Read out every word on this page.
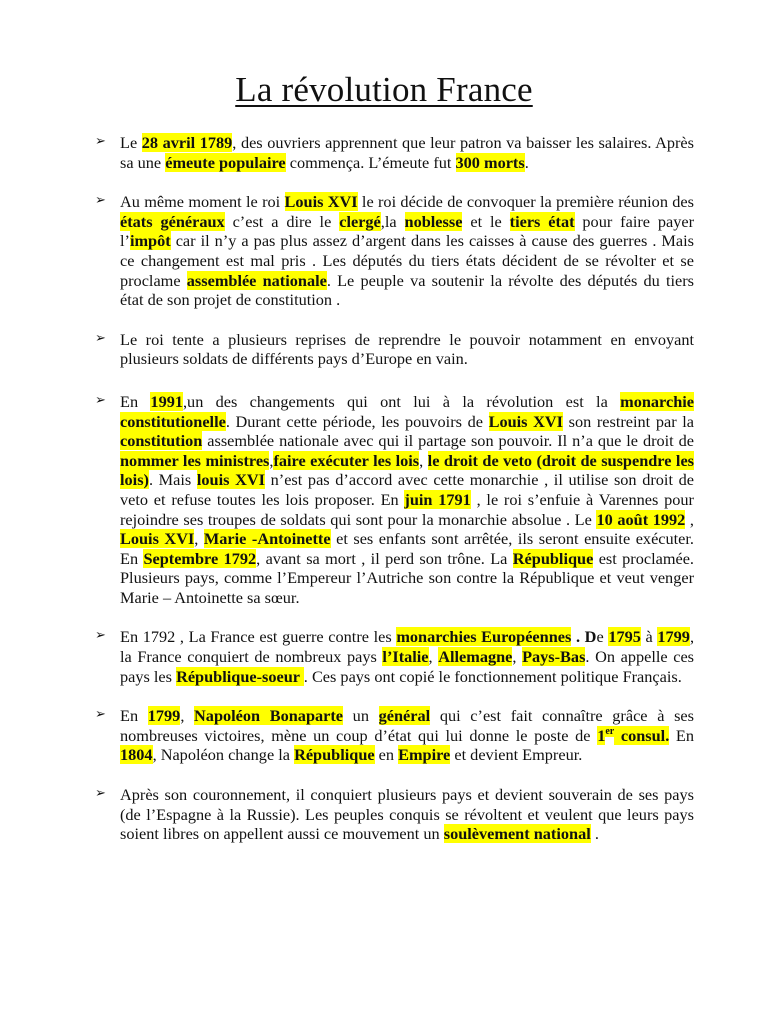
La révolution France
➢ Le 28 avril 1789, des ouvriers apprennent que leur patron va baisser les salaires. Après sa une émeute populaire commença. L’émeute fut 300 morts.
➢ Au même moment le roi Louis XVI le roi décide de convoquer la première réunion des états généraux c’est a dire le clergé,la noblesse et le tiers état pour faire payer l’impôt car il n’y a pas plus assez d’argent dans les caisses à cause des guerres . Mais ce changement est mal pris . Les députés du tiers états décident de se révolter et se proclame assemblée nationale. Le peuple va soutenir la révolte des députés du tiers état de son projet de constitution .
➢ Le roi tente a plusieurs reprises de reprendre le pouvoir notamment en envoyant plusieurs soldats de différents pays d’Europe en vain.
➢ En 1991,un des changements qui ont lui à la révolution est la monarchie constitutionelle. Durant cette période, les pouvoirs de Louis XVI son restreint par la constitution assemblée nationale avec qui il partage son pouvoir. Il n’a que le droit de nommer les ministres,faire exécuter les lois, le droit de veto (droit de suspendre les lois). Mais louis XVI n’est pas d’accord avec cette monarchie , il utilise son droit de veto et refuse toutes les lois proposer. En juin 1791 , le roi s’enfuie à Varennes pour rejoindre ses troupes de soldats qui sont pour la monarchie absolue . Le 10 août 1992 , Louis XVI, Marie -Antoinette et ses enfants sont arrêtée, ils seront ensuite exécuter. En Septembre 1792, avant sa mort , il perd son trône. La République est proclamée. Plusieurs pays, comme l’Empereur l’Autriche son contre la République et veut venger Marie – Antoinette sa sœur.
➢ En 1792 , La France est guerre contre les monarchies Européennes . De 1795 à 1799, la France conquiert de nombreux pays l’Italie, Allemagne, Pays-Bas. On appelle ces pays les République-soeur . Ces pays ont copié le fonctionnement politique Français.
➢ En 1799, Napoléon Bonaparte un général qui c’est fait connaître grâce à ses nombreuses victoires, mène un coup d’état qui lui donne le poste de 1er consul. En 1804, Napoléon change la République en Empire et devient Empreur.
➢ Après son couronnement, il conquiert plusieurs pays et devient souverain de ses pays (de l’Espagne à la Russie). Les peuples conquis se révoltent et veulent que leurs pays soient libres on appellent aussi ce mouvement un soulèvement national .
